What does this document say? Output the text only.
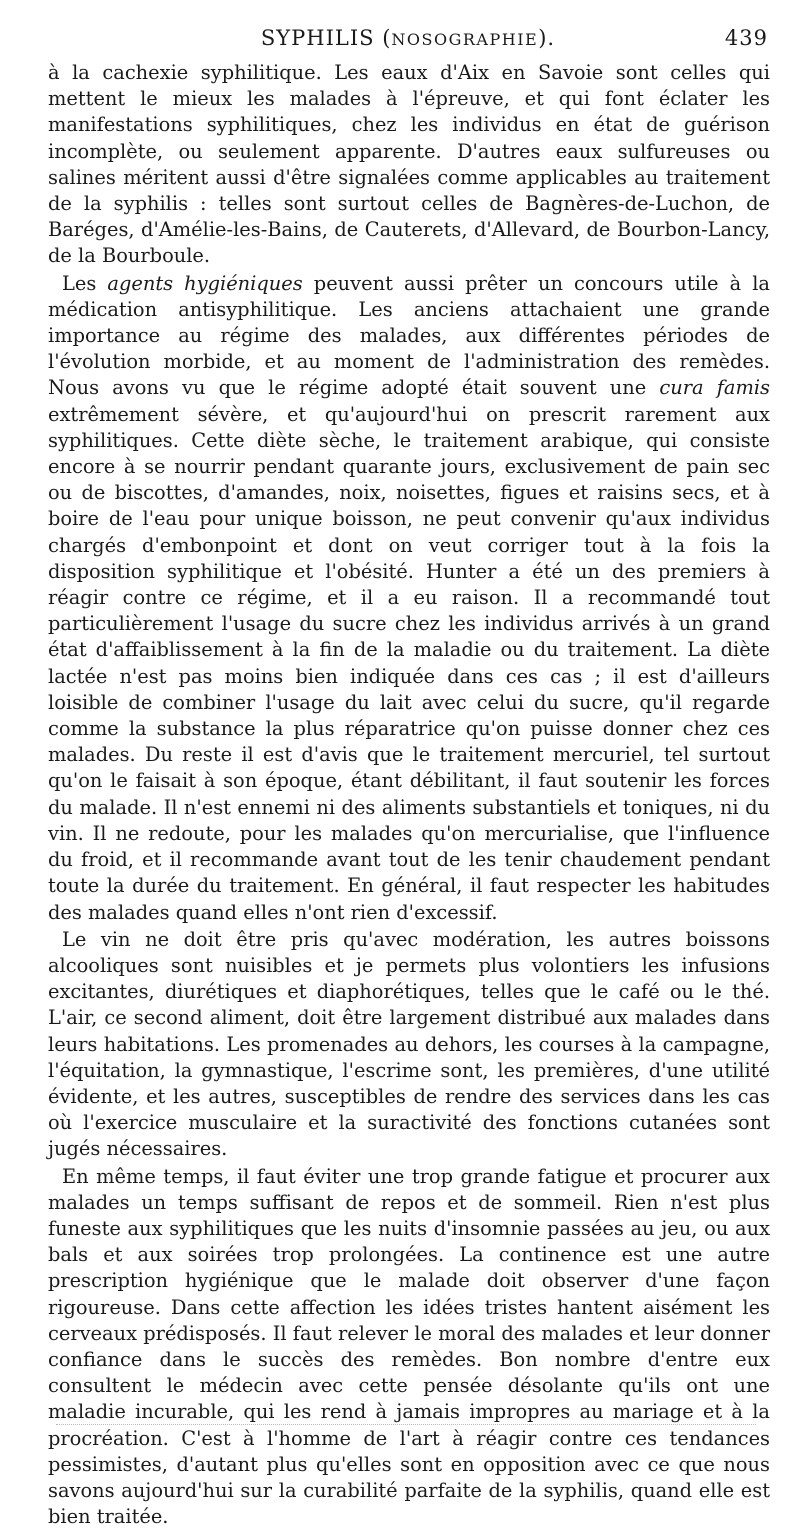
SYPHILIS (NOSOGRAPHIE).	439

à la cachexie syphilitique. Les eaux d'Aix en Savoie sont celles qui mettent le mieux les malades à l'épreuve, et qui font éclater les manifestations syphilitiques, chez les individus en état de guérison incomplète, ou seulement apparente. D'autres eaux sulfureuses ou salines méritent aussi d'être signalées comme applicables au traitement de la syphilis : telles sont surtout celles de Bagnères-de-Luchon, de Baréges, d'Amélie-les-Bains, de Cauterets, d'Allevard, de Bourbon-Lancy, de la Bourboule.

Les agents hygiéniques peuvent aussi prêter un concours utile à la médication antisyphilitique. Les anciens attachaient une grande importance au régime des malades, aux différentes périodes de l'évolution morbide, et au moment de l'administration des remèdes. Nous avons vu que le régime adopté était souvent une cura famis extrêmement sévère, et qu'aujourd'hui on prescrit rarement aux syphilitiques. Cette diète sèche, le traitement arabique, qui consiste encore à se nourrir pendant quarante jours, exclusivement de pain sec ou de biscottes, d'amandes, noix, noisettes, figues et raisins secs, et à boire de l'eau pour unique boisson, ne peut convenir qu'aux individus chargés d'embonpoint et dont on veut corriger tout à la fois la disposition syphilitique et l'obésité. Hunter a été un des premiers à réagir contre ce régime, et il a eu raison. Il a recommandé tout particulièrement l'usage du sucre chez les individus arrivés à un grand état d'affaiblissement à la fin de la maladie ou du traitement. La diète lactée n'est pas moins bien indiquée dans ces cas ; il est d'ailleurs loisible de combiner l'usage du lait avec celui du sucre, qu'il regarde comme la substance la plus réparatrice qu'on puisse donner chez ces malades. Du reste il est d'avis que le traitement mercuriel, tel surtout qu'on le faisait à son époque, étant débilitant, il faut soutenir les forces du malade. Il n'est ennemi ni des aliments substantiels et toniques, ni du vin. Il ne redoute, pour les malades qu'on mercurialise, que l'influence du froid, et il recommande avant tout de les tenir chaudement pendant toute la durée du traitement. En général, il faut respecter les habitudes des malades quand elles n'ont rien d'excessif.

Le vin ne doit être pris qu'avec modération, les autres boissons alcooliques sont nuisibles et je permets plus volontiers les infusions excitantes, diurétiques et diaphorétiques, telles que le café ou le thé. L'air, ce second aliment, doit être largement distribué aux malades dans leurs habitations. Les promenades au dehors, les courses à la campagne, l'équitation, la gymnastique, l'escrime sont, les premières, d'une utilité évidente, et les autres, susceptibles de rendre des services dans les cas où l'exercice musculaire et la suractivité des fonctions cutanées sont jugés nécessaires.

En même temps, il faut éviter une trop grande fatigue et procurer aux malades un temps suffisant de repos et de sommeil. Rien n'est plus funeste aux syphilitiques que les nuits d'insomnie passées au jeu, ou aux bals et aux soirées trop prolongées. La continence est une autre prescription hygiénique que le malade doit observer d'une façon rigoureuse. Dans cette affection les idées tristes hantent aisément les cerveaux prédisposés. Il faut relever le moral des malades et leur donner confiance dans le succès des remèdes. Bon nombre d'entre eux consultent le médecin avec cette pensée désolante qu'ils ont une maladie incurable, qui les rend à jamais impropres au mariage et à la procréation. C'est à l'homme de l'art à réagir contre ces tendances pessimistes, d'autant plus qu'elles sont en opposition avec ce que nous savons aujourd'hui sur la curabilité parfaite de la syphilis, quand elle est bien traitée.
